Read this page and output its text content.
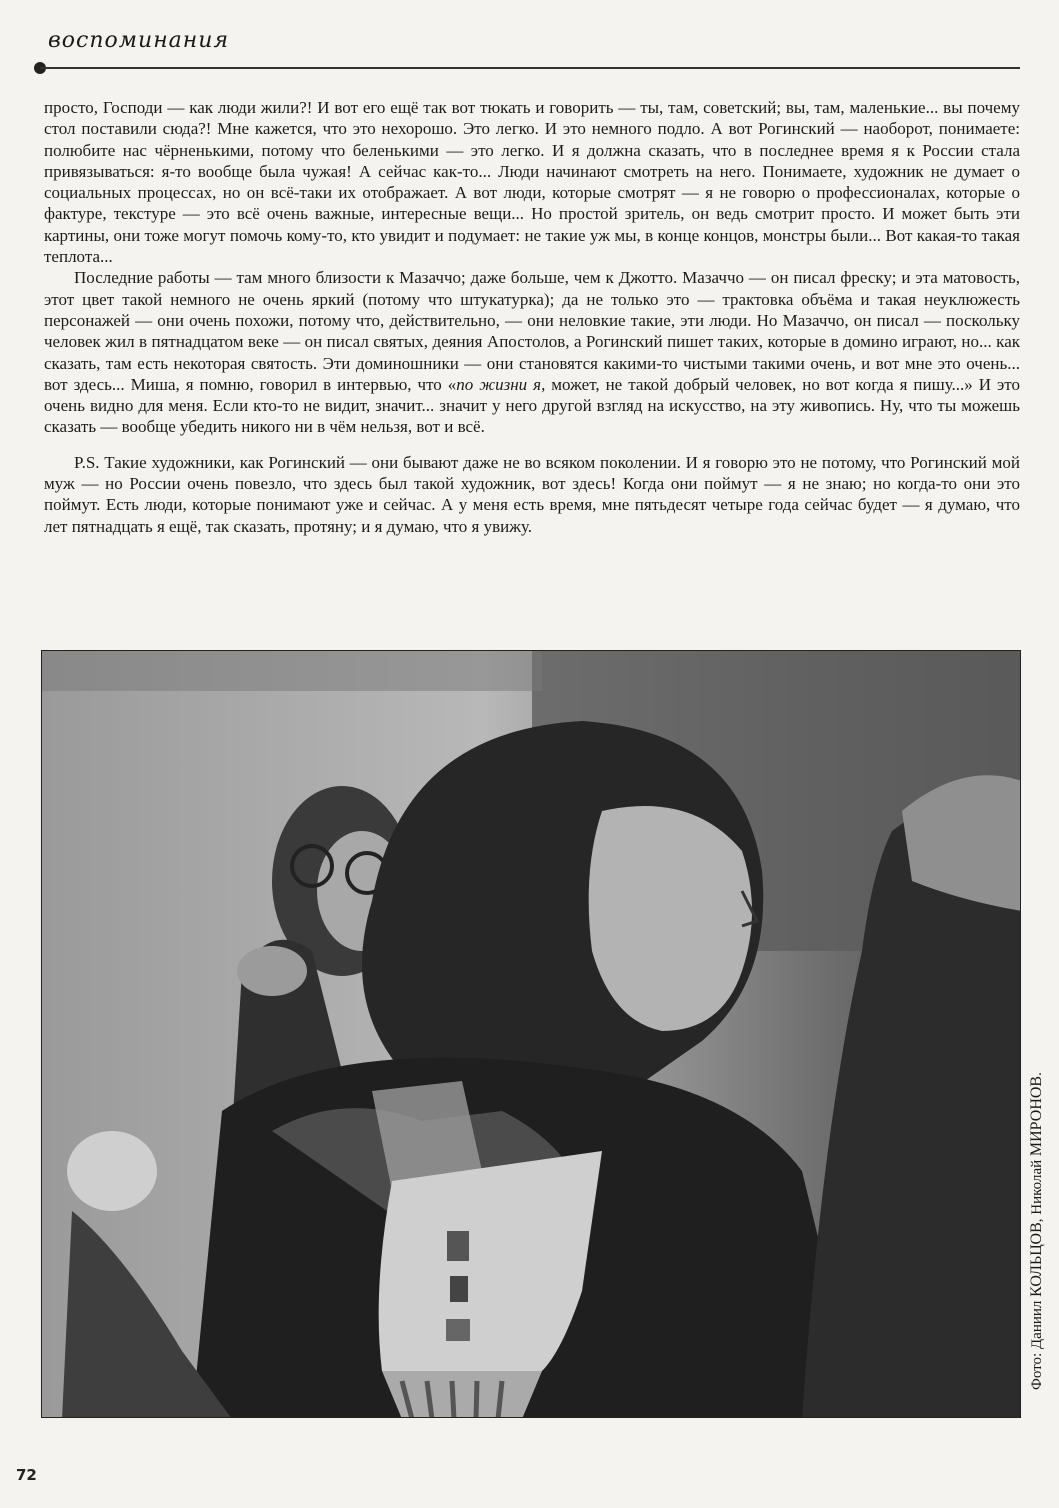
воспоминания

просто, Господи — как люди жили?! И вот его ещё так вот тюкать и говорить — ты, там, советский; вы, там, маленькие... вы почему стол поставили сюда?! Мне кажется, что это нехорошо. Это легко. И это немного подло. А вот Рогинский — наоборот, понимаете: полюбите нас чёрненькими, потому что беленькими — это легко. И я должна сказать, что в последнее время я к России стала привязываться: я-то вообще была чужая! А сейчас как-то... Люди начинают смотреть на него. Понимаете, художник не думает о социальных процессах, но он всё-таки их отображает. А вот люди, которые смотрят — я не говорю о профессионалах, которые о фактуре, текстуре — это всё очень важные, интересные вещи... Но простой зритель, он ведь смотрит просто. И может быть эти картины, они тоже могут помочь кому-то, кто увидит и подумает: не такие уж мы, в конце концов, монстры были... Вот какая-то такая теплота...

Последние работы — там много близости к Мазаччо; даже больше, чем к Джотто. Мазаччо — он писал фреску; и эта матовость, этот цвет такой немного не очень яркий (потому что штукатурка); да не только это — трактовка объёма и такая неуклюжесть персонажей — они очень похожи, потому что, действительно, — они неловкие такие, эти люди. Но Мазаччо, он писал — поскольку человек жил в пятнадцатом веке — он писал святых, деяния Апостолов, а Рогинский пишет таких, которые в домино играют, но... как сказать, там есть некоторая святость. Эти доминошники — они становятся какими-то чистыми такими очень, и вот мне это очень... вот здесь... Миша, я помню, говорил в интервью, что «по жизни я, может, не такой добрый человек, но вот когда я пишу...» И это очень видно для меня. Если кто-то не видит, значит... значит у него другой взгляд на искусство, на эту живопись. Ну, что ты можешь сказать — вообще убедить никого ни в чём нельзя, вот и всё.

P.S. Такие художники, как Рогинский — они бывают даже не во всяком поколении. И я говорю это не потому, что Рогинский мой муж — но России очень повезло, что здесь был такой художник, вот здесь! Когда они поймут — я не знаю; но когда-то они это поймут. Есть люди, которые понимают уже и сейчас. А у меня есть время, мне пятьдесят четыре года сейчас будет — я думаю, что лет пятнадцать я ещё, так сказать, протяну; и я думаю, что я увижу.

Фото: Даниил КОЛЬЦОВ, Николай МИРОНОВ.
72
